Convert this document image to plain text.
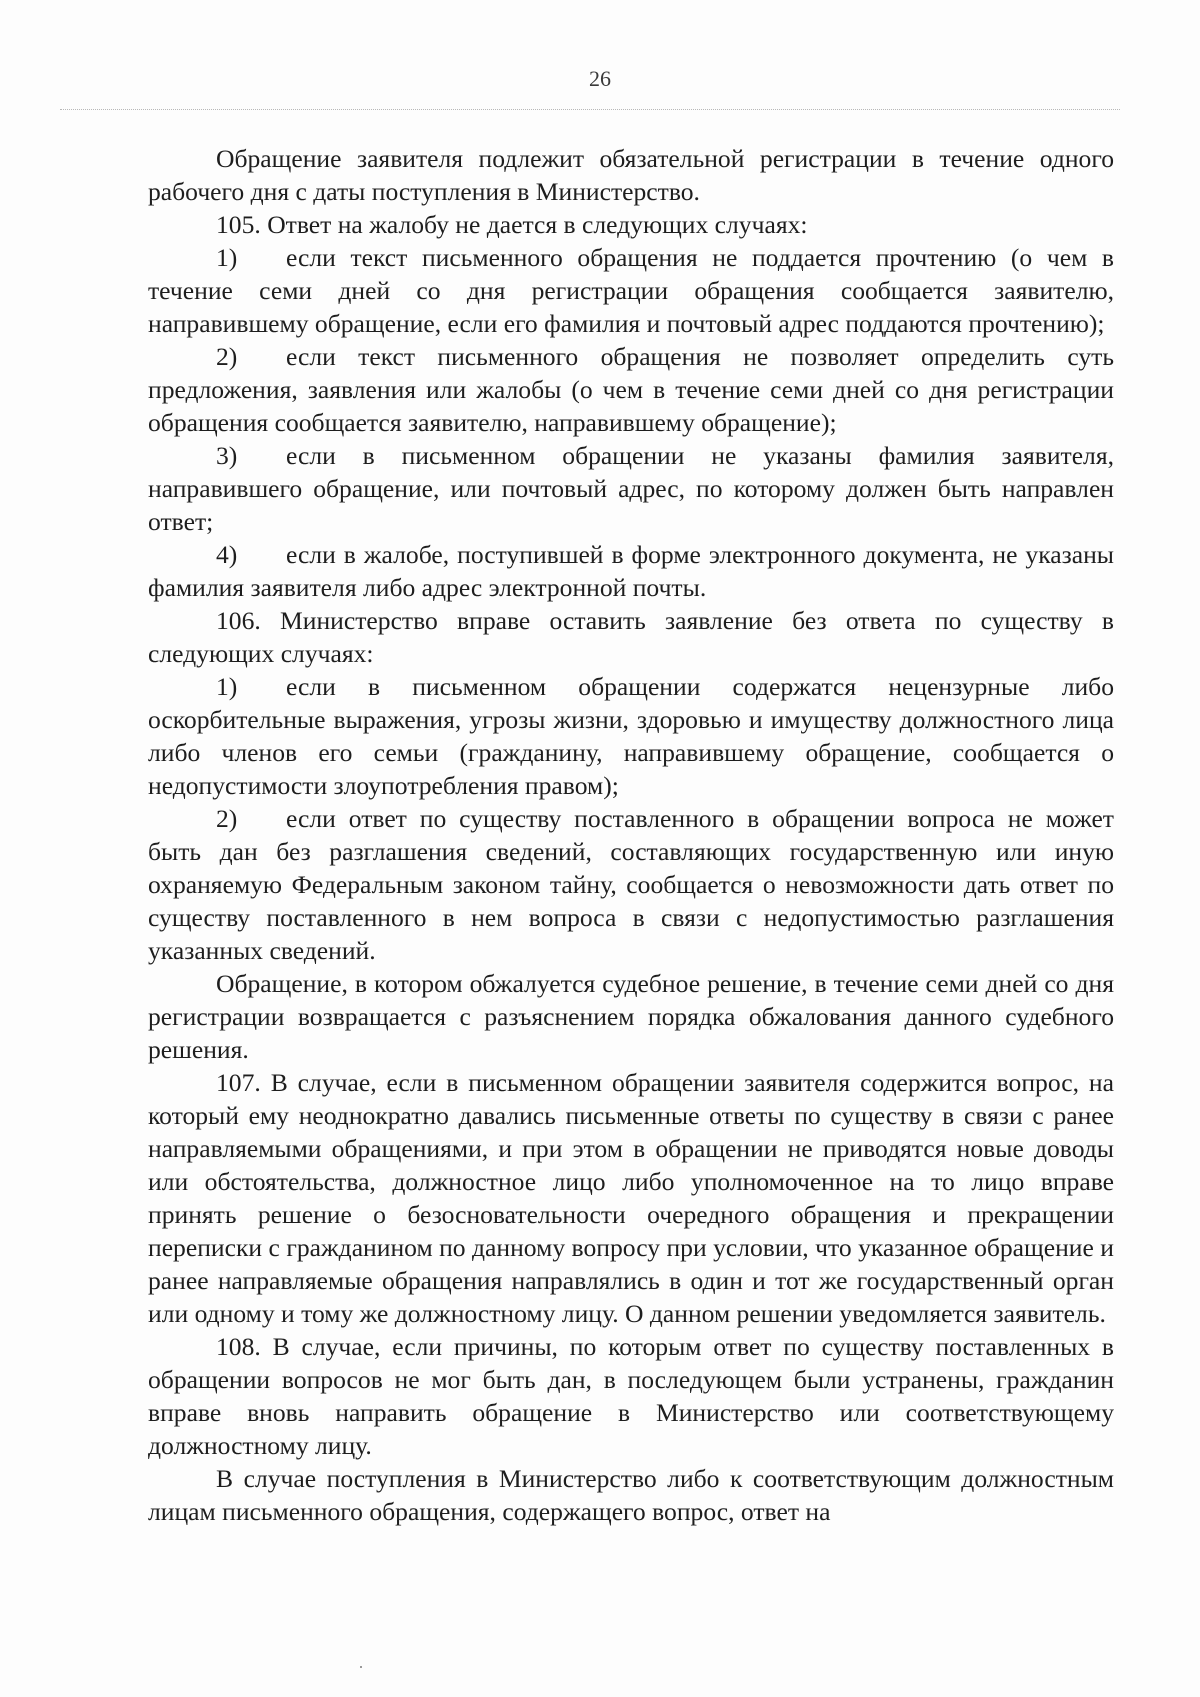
26

Обращение заявителя подлежит обязательной регистрации в течение одного рабочего дня с даты поступления в Министерство.

105. Ответ на жалобу не дается в следующих случаях:

1) если текст письменного обращения не поддается прочтению (о чем в течение семи дней со дня регистрации обращения сообщается заявителю, направившему обращение, если его фамилия и почтовый адрес поддаются прочтению);

2) если текст письменного обращения не позволяет определить суть предложения, заявления или жалобы (о чем в течение семи дней со дня регистрации обращения сообщается заявителю, направившему обращение);

3) если в письменном обращении не указаны фамилия заявителя, направившего обращение, или почтовый адрес, по которому должен быть направлен ответ;

4) если в жалобе, поступившей в форме электронного документа, не указаны фамилия заявителя либо адрес электронной почты.

106. Министерство вправе оставить заявление без ответа по существу в следующих случаях:

1) если в письменном обращении содержатся нецензурные либо оскорбительные выражения, угрозы жизни, здоровью и имуществу должностного лица либо членов его семьи (гражданину, направившему обращение, сообщается о недопустимости злоупотребления правом);

2) если ответ по существу поставленного в обращении вопроса не может быть дан без разглашения сведений, составляющих государственную или иную охраняемую Федеральным законом тайну, сообщается о невозможности дать ответ по существу поставленного в нем вопроса в связи с недопустимостью разглашения указанных сведений.

Обращение, в котором обжалуется судебное решение, в течение семи дней со дня регистрации возвращается с разъяснением порядка обжалования данного судебного решения.

107. В случае, если в письменном обращении заявителя содержится вопрос, на который ему неоднократно давались письменные ответы по существу в связи с ранее направляемыми обращениями, и при этом в обращении не приводятся новые доводы или обстоятельства, должностное лицо либо уполномоченное на то лицо вправе принять решение о безосновательности очередного обращения и прекращении переписки с гражданином по данному вопросу при условии, что указанное обращение и ранее направляемые обращения направлялись в один и тот же государственный орган или одному и тому же должностному лицу. О данном решении уведомляется заявитель.

108. В случае, если причины, по которым ответ по существу поставленных в обращении вопросов не мог быть дан, в последующем были устранены, гражданин вправе вновь направить обращение в Министерство или соответствующему должностному лицу.

В случае поступления в Министерство либо к соответствующим должностным лицам письменного обращения, содержащего вопрос, ответ на
